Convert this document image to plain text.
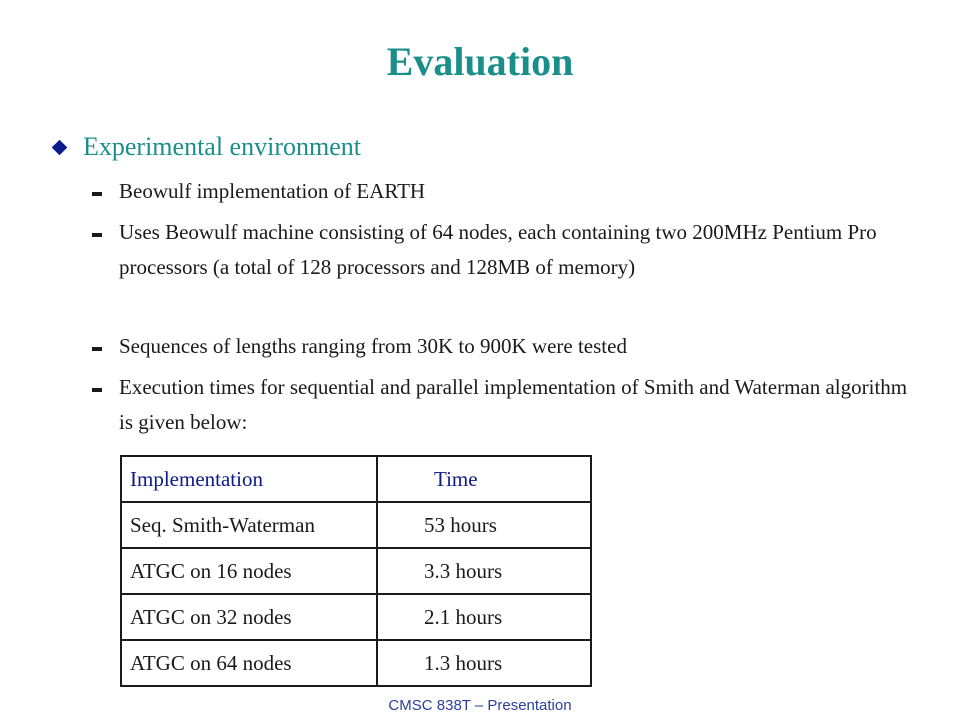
Evaluation
Experimental environment
Beowulf implementation of EARTH
Uses Beowulf machine consisting of 64 nodes, each containing two 200MHz Pentium Pro processors (a total of 128 processors and 128MB of memory)
Sequences of lengths ranging from 30K to 900K were tested
Execution times for sequential and parallel implementation of Smith and Waterman algorithm is given below:
Implementation	Time
Seq. Smith-Waterman	53 hours
ATGC on 16 nodes	3.3 hours
ATGC on 32 nodes	2.1 hours
ATGC on 64 nodes	1.3 hours
CMSC 838T – Presentation
